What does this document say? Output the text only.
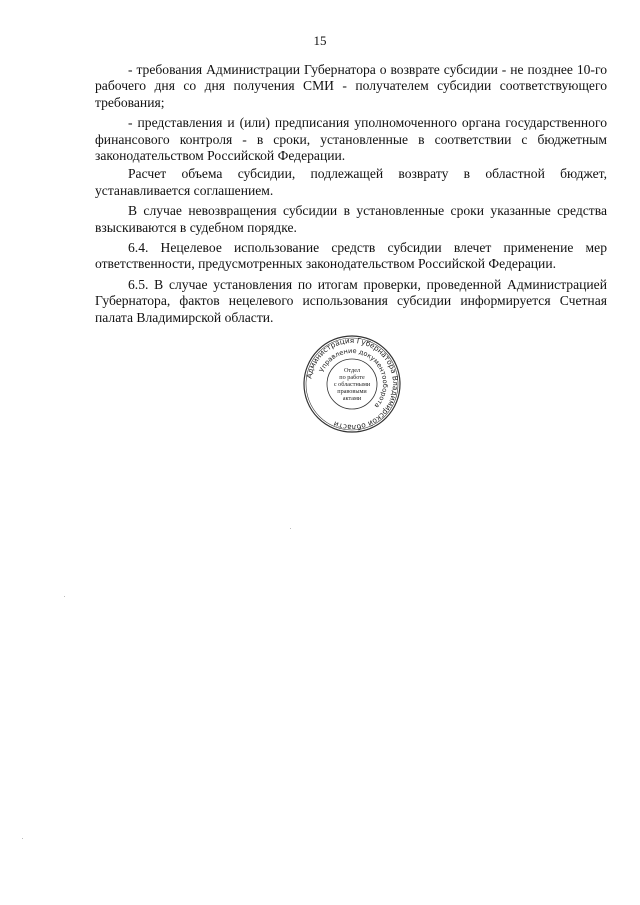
15

- требования Администрации Губернатора о возврате субсидии - не позднее 10-го рабочего дня со дня получения СМИ - получателем субсидии соответствующего требования;

- представления и (или) предписания уполномоченного органа государственного финансового контроля - в сроки, установленные в соответствии с бюджетным законодательством Российской Федерации.

Расчет объема субсидии, подлежащей возврату в областной бюджет, устанавливается соглашением.

В случае невозвращения субсидии в установленные сроки указанные средства взыскиваются в судебном порядке.

6.4. Нецелевое использование средств субсидии влечет применение мер ответственности, предусмотренных законодательством Российской Федерации.

6.5. В случае установления по итогам проверки, проведенной Администрацией Губернатора, фактов нецелевого использования субсидии информируется Счетная палата Владимирской области.

Администрация Губернатора Владимирской области
Управление документооборота
Отдел
по работе
с областными
правовыми
актами
